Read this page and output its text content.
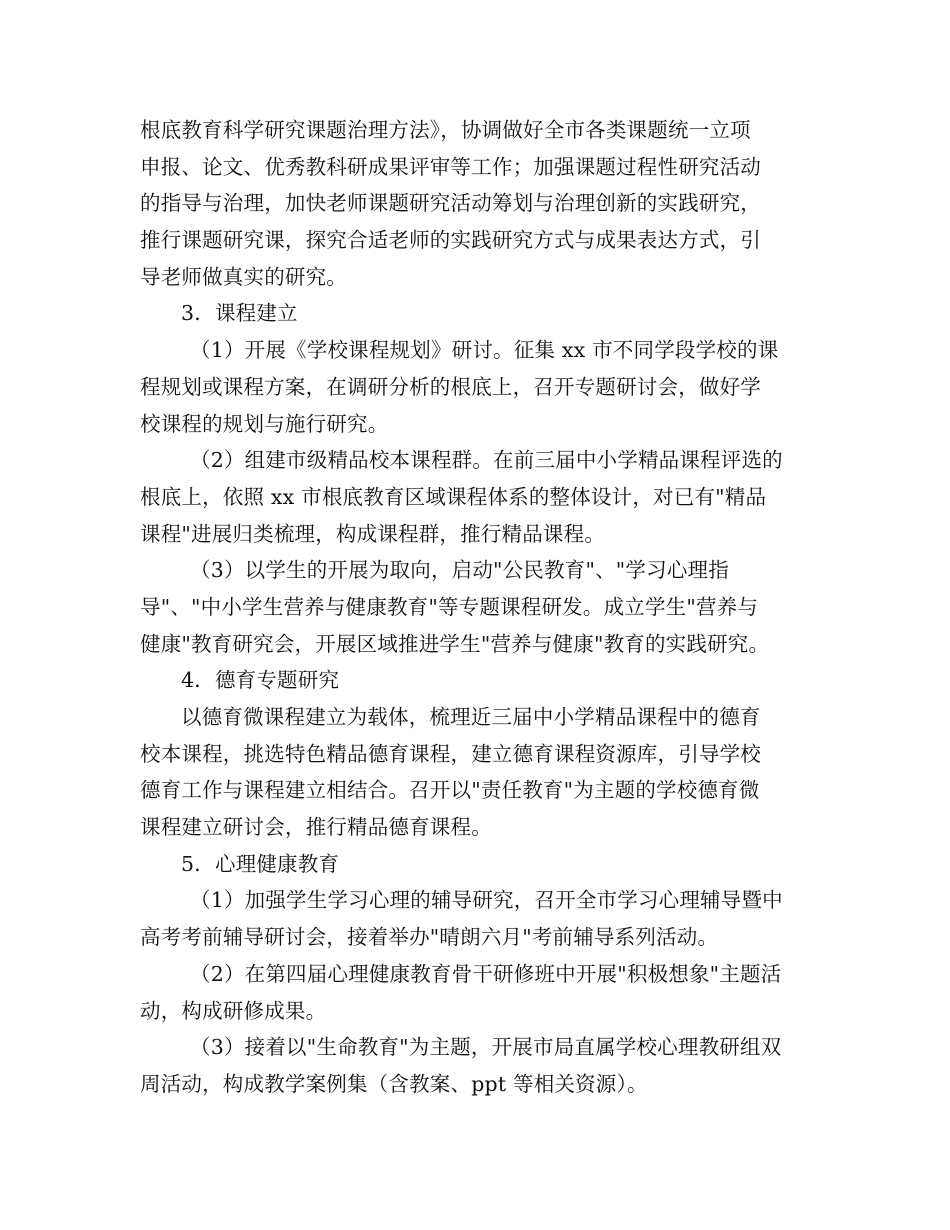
根底教育科学研究课题治理方法》，协调做好全市各类课题统一立项
申报、论文、优秀教科研成果评审等工作；加强课题过程性研究活动
的指导与治理，加快老师课题研究活动筹划与治理创新的实践研究，
推行课题研究课，探究合适老师的实践研究方式与成果表达方式，引
导老师做真实的研究。
3．课程建立
（1）开展《学校课程规划》研讨。征集 xx 市不同学段学校的课
程规划或课程方案，在调研分析的根底上，召开专题研讨会，做好学
校课程的规划与施行研究。
（2）组建市级精品校本课程群。在前三届中小学精品课程评选的
根底上，依照 xx 市根底教育区域课程体系的整体设计，对已有"精品
课程"进展归类梳理，构成课程群，推行精品课程。
（3）以学生的开展为取向，启动"公民教育"、"学习心理指
导"、"中小学生营养与健康教育"等专题课程研发。成立学生"营养与
健康"教育研究会，开展区域推进学生"营养与健康"教育的实践研究。
4．德育专题研究
以德育微课程建立为载体，梳理近三届中小学精品课程中的德育
校本课程，挑选特色精品德育课程，建立德育课程资源库，引导学校
德育工作与课程建立相结合。召开以"责任教育"为主题的学校德育微
课程建立研讨会，推行精品德育课程。
5．心理健康教育
（1）加强学生学习心理的辅导研究，召开全市学习心理辅导暨中
高考考前辅导研讨会，接着举办"晴朗六月"考前辅导系列活动。
（2）在第四届心理健康教育骨干研修班中开展"积极想象"主题活
动，构成研修成果。
（3）接着以"生命教育"为主题，开展市局直属学校心理教研组双
周活动，构成教学案例集（含教案、ppt 等相关资源）。
